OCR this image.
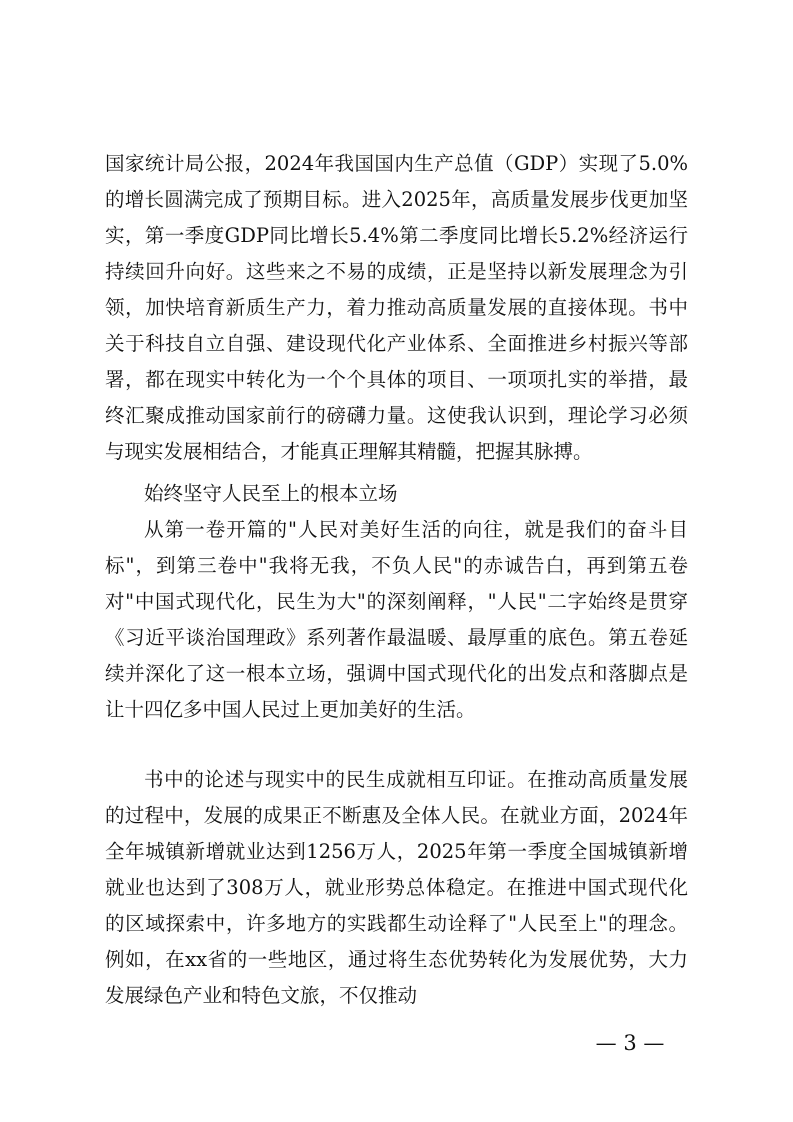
国家统计局公报，2024年我国国内生产总值（GDP）实现了5.0%的增长圆满完成了预期目标。进入2025年，高质量发展步伐更加坚实，第一季度GDP同比增长5.4%第二季度同比增长5.2%经济运行持续回升向好。这些来之不易的成绩，正是坚持以新发展理念为引领，加快培育新质生产力，着力推动高质量发展的直接体现。书中关于科技自立自强、建设现代化产业体系、全面推进乡村振兴等部署，都在现实中转化为一个个具体的项目、一项项扎实的举措，最终汇聚成推动国家前行的磅礴力量。这使我认识到，理论学习必须与现实发展相结合，才能真正理解其精髓，把握其脉搏。

始终坚守人民至上的根本立场

从第一卷开篇的"人民对美好生活的向往，就是我们的奋斗目标"，到第三卷中"我将无我，不负人民"的赤诚告白，再到第五卷对"中国式现代化，民生为大"的深刻阐释，"人民"二字始终是贯穿《习近平谈治国理政》系列著作最温暖、最厚重的底色。第五卷延续并深化了这一根本立场，强调中国式现代化的出发点和落脚点是让十四亿多中国人民过上更加美好的生活。

书中的论述与现实中的民生成就相互印证。在推动高质量发展的过程中，发展的成果正不断惠及全体人民。在就业方面，2024年全年城镇新增就业达到1256万人，2025年第一季度全国城镇新增就业也达到了308万人，就业形势总体稳定。在推进中国式现代化的区域探索中，许多地方的实践都生动诠释了"人民至上"的理念。例如，在xx省的一些地区，通过将生态优势转化为发展优势，大力发展绿色产业和特色文旅，不仅推动

— 3 —
